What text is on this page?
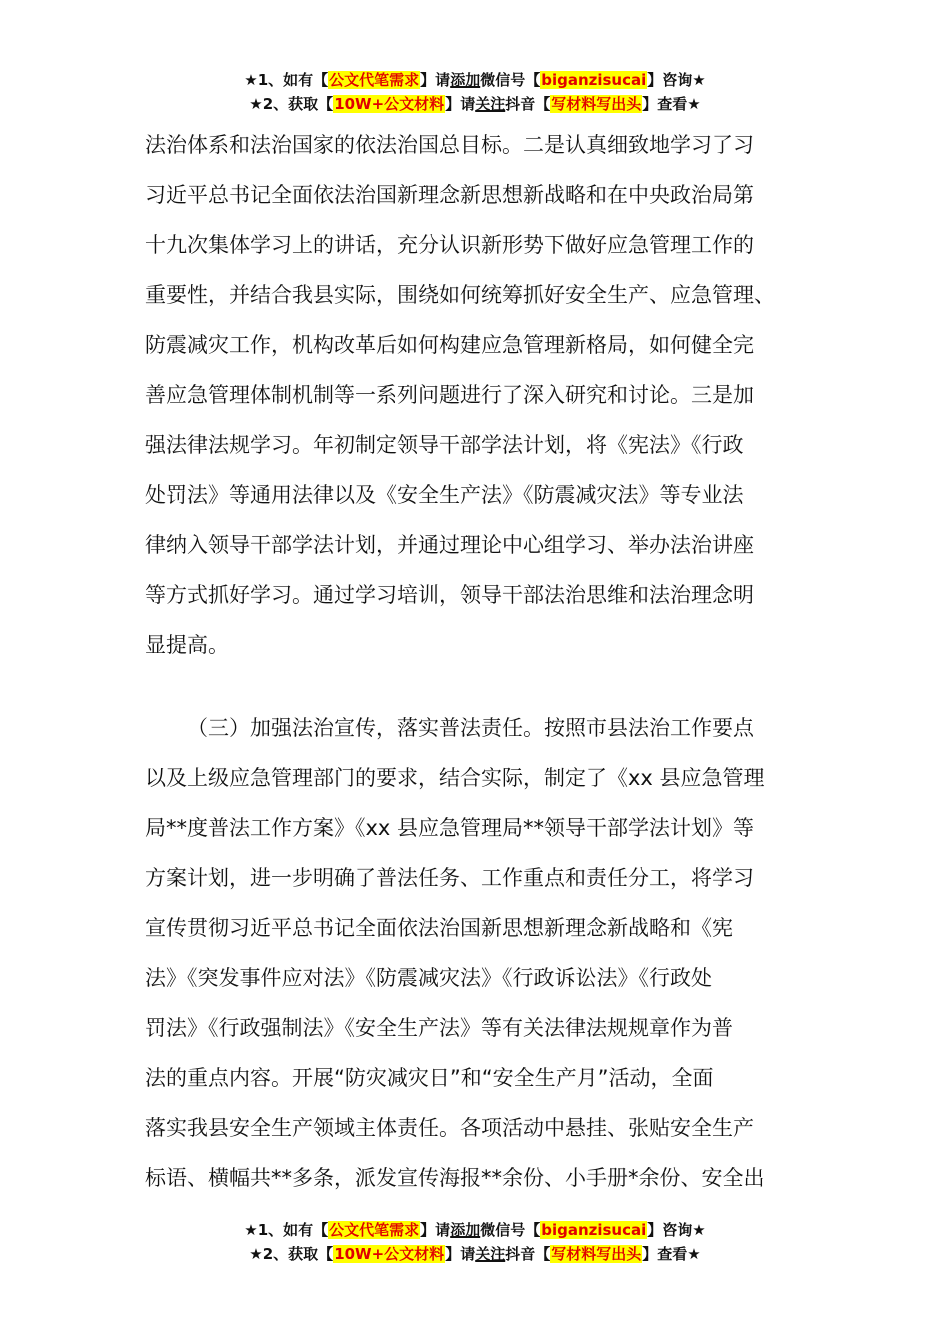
★1、如有【公文代笔需求】请添加微信号【biganzisucai】咨询★
★2、获取【10W+公文材料】请关注抖音【写材料写出头】查看★
法治体系和法治国家的依法治国总目标。二是认真细致地学习了习
习近平总书记全面依法治国新理念新思想新战略和在中央政治局第
十九次集体学习上的讲话，充分认识新形势下做好应急管理工作的
重要性，并结合我县实际，围绕如何统筹抓好安全生产、应急管理、
防震减灾工作，机构改革后如何构建应急管理新格局，如何健全完
善应急管理体制机制等一系列问题进行了深入研究和讨论。三是加
强法律法规学习。年初制定领导干部学法计划，将《宪法》《行政
处罚法》等通用法律以及《安全生产法》《防震减灾法》等专业法
律纳入领导干部学法计划，并通过理论中心组学习、举办法治讲座
等方式抓好学习。通过学习培训，领导干部法治思维和法治理念明
显提高。
（三）加强法治宣传，落实普法责任。按照市县法治工作要点
以及上级应急管理部门的要求，结合实际，制定了《xx 县应急管理
局**度普法工作方案》《xx 县应急管理局**领导干部学法计划》等
方案计划，进一步明确了普法任务、工作重点和责任分工，将学习
宣传贯彻习近平总书记全面依法治国新思想新理念新战略和《宪
法》《突发事件应对法》《防震减灾法》《行政诉讼法》《行政处
罚法》《行政强制法》《安全生产法》等有关法律法规规章作为普
法的重点内容。开展“防灾减灾日”和“安全生产月”活动，全面
落实我县安全生产领域主体责任。各项活动中悬挂、张贴安全生产
标语、横幅共**多条，派发宣传海报**余份、小手册*余份、安全出
★1、如有【公文代笔需求】请添加微信号【biganzisucai】咨询★
★2、获取【10W+公文材料】请关注抖音【写材料写出头】查看★
